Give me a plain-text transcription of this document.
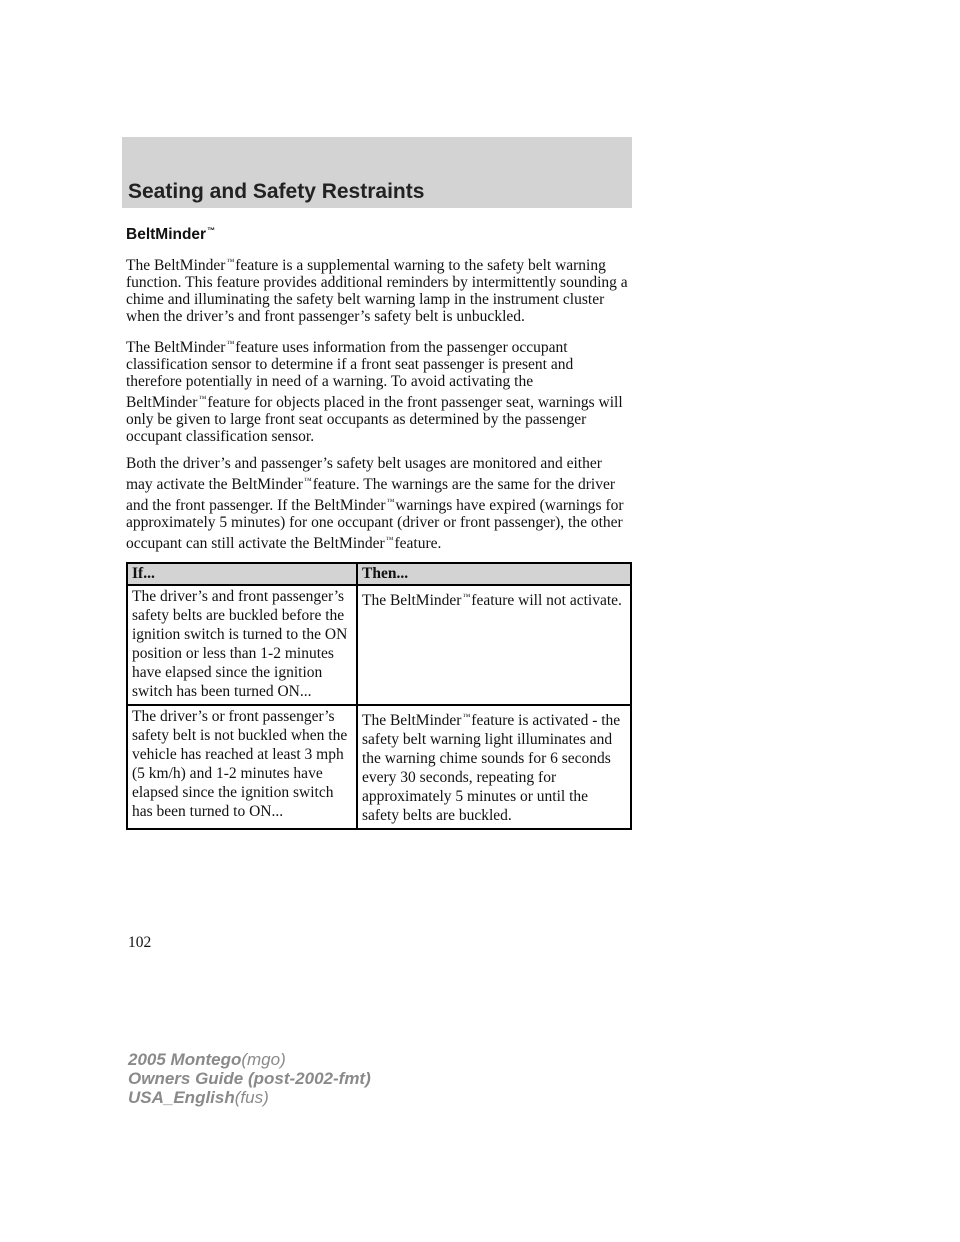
Seating and Safety Restraints
BeltMinder™

The BeltMinder™feature is a supplemental warning to the safety belt warning function. This feature provides additional reminders by intermittently sounding a chime and illuminating the safety belt warning lamp in the instrument cluster when the driver’s and front passenger’s safety belt is unbuckled.

The BeltMinder™feature uses information from the passenger occupant classification sensor to determine if a front seat passenger is present and therefore potentially in need of a warning. To avoid activating the BeltMinder™feature for objects placed in the front passenger seat, warnings will only be given to large front seat occupants as determined by the passenger occupant classification sensor.

Both the driver’s and passenger’s safety belt usages are monitored and either may activate the BeltMinder™feature. The warnings are the same for the driver and the front passenger. If the BeltMinder™warnings have expired (warnings for approximately 5 minutes) for one occupant (driver or front passenger), the other occupant can still activate the BeltMinder™feature.

If...	Then...
The driver’s and front passenger’s safety belts are buckled before the ignition switch is turned to the ON position or less than 1-2 minutes have elapsed since the ignition switch has been turned ON...	The BeltMinder™feature will not activate.
The driver’s or front passenger’s safety belt is not buckled when the vehicle has reached at least 3 mph (5 km/h) and 1-2 minutes have elapsed since the ignition switch has been turned to ON...	The BeltMinder™feature is activated - the safety belt warning light illuminates and the warning chime sounds for 6 seconds every 30 seconds, repeating for approximately 5 minutes or until the safety belts are buckled.
102
2005 Montego(mgo)
Owners Guide (post-2002-fmt)
USA_English(fus)
